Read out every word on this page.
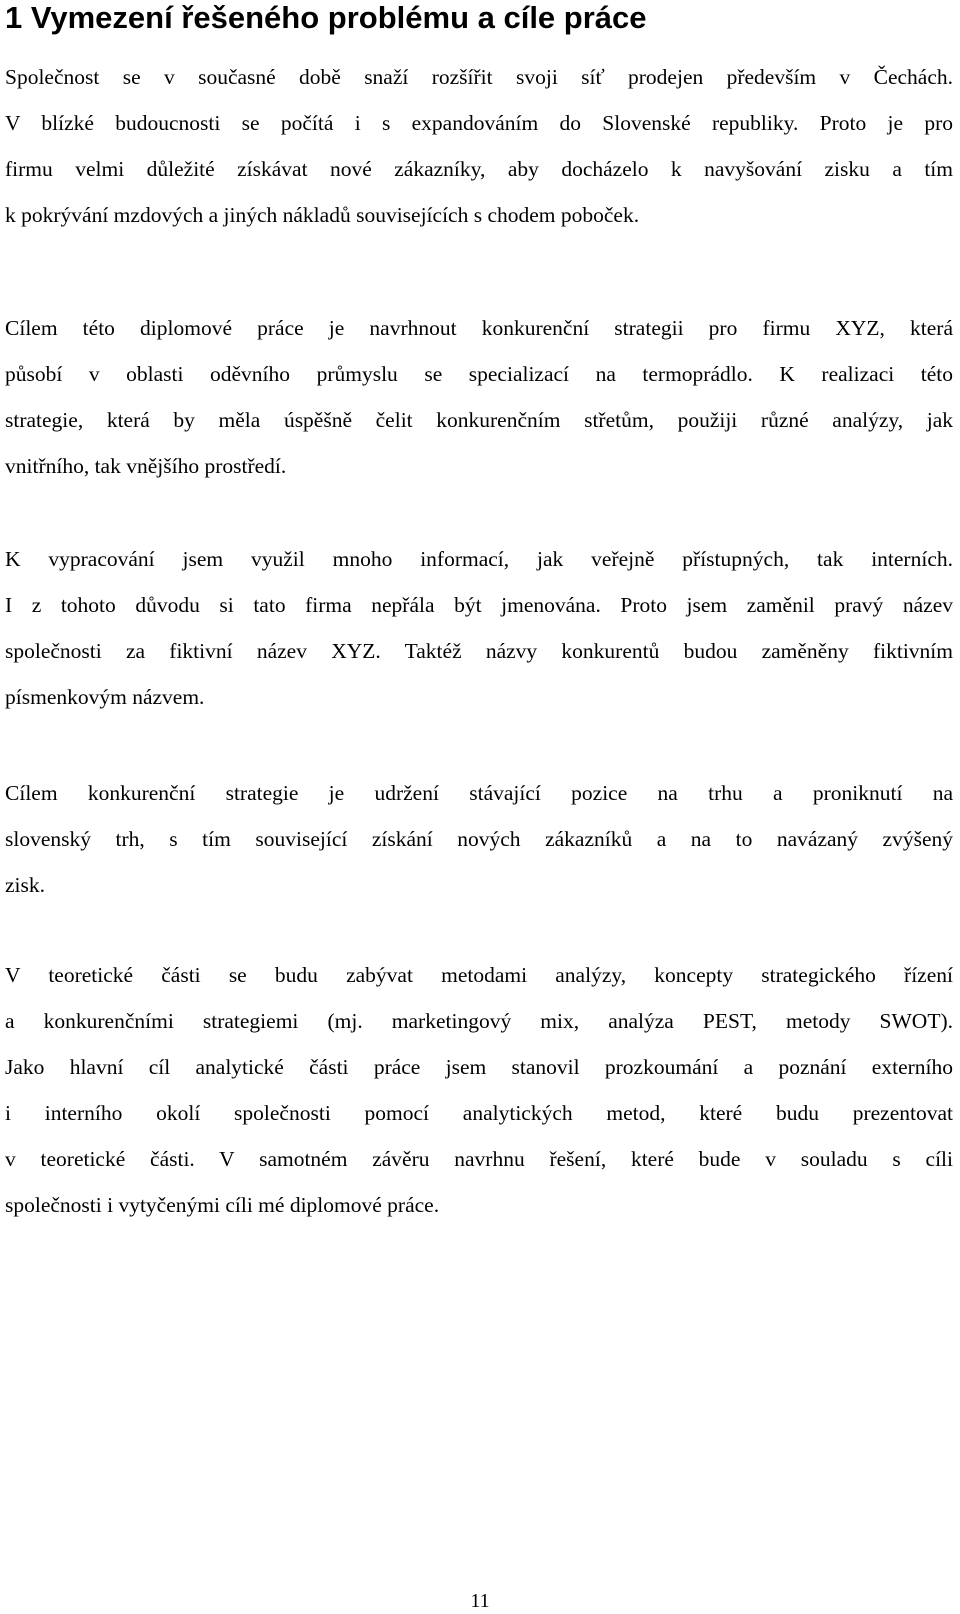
1 Vymezení řešeného problému a cíle práce

Společnost se v současné době snaží rozšířit svoji síť prodejen především v Čechách.
V blízké budoucnosti se počítá i s expandováním do Slovenské republiky. Proto je pro
firmu velmi důležité získávat nové zákazníky, aby docházelo k navyšování zisku a tím
k pokrývání mzdových a jiných nákladů souvisejících s chodem poboček.

Cílem této diplomové práce je navrhnout konkurenční strategii pro firmu XYZ, která
působí v oblasti oděvního průmyslu se specializací na termoprádlo. K realizaci této
strategie, která by měla úspěšně čelit konkurenčním střetům, použiji různé analýzy, jak
vnitřního, tak vnějšího prostředí.

K vypracování jsem využil mnoho informací, jak veřejně přístupných, tak interních.
I z tohoto důvodu si tato firma nepřála být jmenována. Proto jsem zaměnil pravý název
společnosti za fiktivní název XYZ. Taktéž názvy konkurentů budou zaměněny fiktivním
písmenkovým názvem.

Cílem konkurenční strategie je udržení stávající pozice na trhu a proniknutí na
slovenský trh, s tím související získání nových zákazníků a na to navázaný zvýšený
zisk.

V teoretické části se budu zabývat metodami analýzy, koncepty strategického řízení
a konkurenčními strategiemi (mj. marketingový mix, analýza PEST, metody SWOT).
Jako hlavní cíl analytické části práce jsem stanovil prozkoumání a poznání externího
i interního okolí společnosti pomocí analytických metod, které budu prezentovat
v teoretické části. V samotném závěru navrhnu řešení, které bude v souladu s cíli
společnosti i vytyčenými cíli mé diplomové práce.

11
